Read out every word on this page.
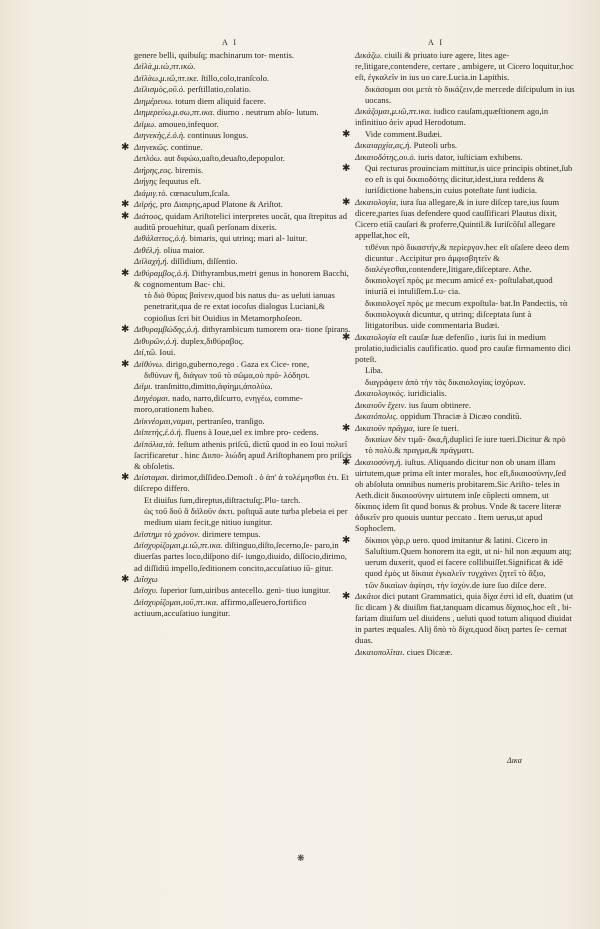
A I	A I
genere belli, quibuſq; machinarum tor- mentis.
Διϊλὰ,μ.ιὼ,πτ.ικὼ.
Διϊλὰω,μ.ιῶ,πτ.ικε. ſtillo,colo,tranſcolo.
Διϊλισμὸς,οῦ.ὁ. perſtillatio,colatio.
Διημέρευω. totum diem aliquid facere.
Διημερεύω,μ.σω,πτ.ικα. diurno . neutrum abſo- lutum.
Διϊμω. amoueo,infequor.
Διηνεκὴς,ἑ.ὁ.ἡ. continuus longus.
✱ Διηνεκῶς. continue.
Διπλόω. aut διφώω,uaſto,deuaſto,depopulor.
Διήρης,εος. biremis.
Διήγης ſequutus eſt.
Διάμιγ.τὸ. cœnaculum,ſcala.
✱ Διϊρής, pro Διαιρης,apud Platone & Ariſtot.
✱ Διάτοος, quidam Ariſtotelici interpretes uocāt, qua ſtrepitus ad auditū prouehitur, quaſi perſonam dixeris.
Διθάλαττος,ὁ.ἡ. bimaris, qui utrinq; mari al- luitur.
Διθέλ,ή. oliua maior.
Διϊλαχή,ή. diſſidium, diſſentio.
✱ Διθύραμβος,ὁ.ἡ. Dithyrambus,metri genus in honorem Bacchi, & cognomentum Bac- chi.
τὸ διὸ θύρας βαίνειν,quod bis natus du- as ueluti ianuas penetrarit,qua de re extat iocoſus dialogus Luciani,& copioſius ſcri bit Ouidius in Metamorphoſeon.
✱ Διθυραμβώδης,ὁ.ἡ. dithyrambicum tumorem ora- tione ſpirans.
Διθυρῶν,ὁ.ἡ. duplex,διθύραβος.
Διί,τῶ. Ioui.
✱ Διϊθύνω. dirigo,guberno,rego . Gaza ex Cice- rone,
διθύνων ἢ, διάγων τοῦ τὸ σῶμα,οὐ πρὸ- λόδησι.
Διϊμι. tranſmitto,dimitto,ἀφίημι,ἀπολύω.
Διηγέομαι. nado, narro,diſcurro, ενηγέω, comme- moro,orationem habeo.
Διϊκνέομαι,ναμαι, pertranſeo, tranſigo.
Διϊπετὴς,ἑ.ὁ.ἡ. fluens à Ioue,uel ex imbre pro- cedens.
Διϊπόλια,τὰ. feſtum athenis priſcū, dictū quod in eo Ioui πολιεῖ ſacrificaretur . hinc Διιπο- λιώδη apud Ariſtophanem pro priſcis & obſoletis.
✱ Διίσταμαι. dirimor,diſſideo.Demoſt . ὁ ἀπ' ἀ τολέμησθαι ἐτι. Et diſcrepo differo.
Et diuiſus ſum,direptus,diſtractuſq;.Plu- tarch.
ὡς τοῦ δοῦ ἃ διϊλοῦν ἀκτι. poſtquā aute turba plebeia ei per medium uiam fecit,ge nitiuo iungitur.
Διϊστημι τὸ χρόνον. dirimere tempus.
Διϊσχυρίζομαι,μ.ιῶ,πτ.ικα. diſtinguo,diſto,ſecerno,ſe- paro,in diuerſas partes loco,diſpono diſ- iungo,diuido, diſſocio,dirimo, ad diſſidiū impello,ſeditionem concito,accuſatiuo iū- gitur.
✱ Διΐσχω
Διϊσχυ. ſuperior ſum,uiribus antecello. geni- tiuo iungitur.
Διϊσχυρίζομαι,ιοῦ,πτ.ικα. affirmo,aſſeuero,fortifico actiuum,accuſatiuo iungitur.
Δικάζω. ciuili & priuato iure agere, lites age- re,litigare,contendere, certare , ambigere, ut Cicero loquitur,hoc eſt, ἐγκαλεῖν in ius uo care.Lucia.in Lapithis.
δικάσομαι σοι μετὰ τὸ δικάζειν,de mercede diſcipulum in ius uocans.
Δικάζομαι,μ.ιῶ,πτ.ικα. iudico cauſam,quæſtionem ago,in infinitiuo ἀεὶν apud Herodotum.
✱ Vide comment.Budæi.
Δικαιαρχία,ας,ἡ. Puteoli urbs.
Δικαιοδότης,ου.ὁ. iuris dator, iuſticiam exhibens.
✱ Qui recturus prouinciam mittitur,is uice principis obtinet,ſub eo eſt is qui δικαιοδότης dicitur,idest,iura reddens & iuriſdictione habens,in cuius poteſtate ſunt iudicia.
✱ Δικαιολογία, iura ſua allegare,& in iure diſcep tare,ius ſuum dicere,partes ſuas defendere quod cauſſificari Plautus dixit, Cicero etiā cauſari & proferre,Quintil.& Iuriſcōſul allegare appellat,hoc eſt,
τιθέναι πρὸ δικαστήν,& περίεργον.hec eſt oſaſere deeo dem dicuntur . Accipitur pro ἀμφισβητεῖν & διαλέγεσθαι,contendere,litigare,diſceptare. Athe.
δικαιολογεῖ πρὸς με mecum amicé ex- poſtulabat,quod iniuriā ei intuliſſem.Lu- cia.
δικαιολογεῖ πρὸς με mecum expoſtula- bat.In Pandectis, τὰ δικαιολογικὰ dicuntur, q utrinq; diſceptata ſunt à litigatoribus. uide commentaria Budæi.
✱ Δικαιολογία eſt cauſæ ſuæ defenſio , iuris ſui in medium prolatio,iudicialis cauſificatio. quod pro cauſæ firmamento dici poteſt.
Liba.
διαγράφειν ἀπὸ τὴν τὰς δικαιολογίας ἰσχύρων.
Δικαιολογικὸς. iuridicialis.
Δικαιοῦν ἔχειν. ius ſuum obtinere.
Δικαιόπολις. oppidum Thraciæ à Dicæo conditū.
✱ Δικαιοῦν πρᾶγμα, iure ſe tueri.
δικαίων δὲν τιμᾶ- ὅκα,ἢ,duplici ſe iure tueri.Dicitur & πρὸ τὸ πολὺ.& πραγμα,& πράγματι.
✱ Δικαιοσύνη,ἡ. iuſtus. Aliquando dicitur non ob unam illam uirtutem,quæ prima eſt inter morales, hoc eſt,δικαιοσύνην,ſed ob abſoluta omnibus numeris probitarem.Sic Ariſto- teles in Aeth.dicit δικαιοσύνην uirtutem inſe cōplecti omnem, ut δίκαιος idem ſit quod bonus & probus. Vnde & tacere literæ ἀδικεῖν pro quouis uuntur peccato . Item uerus,ut apud Sophoclem.
✱ δίκαιοι γὰρ,ρ uero. quod imitantur & latini. Cicero in Saluſtium.Quem honorem ita egit, ut ni- hil non æquum atq; uerum duxerit, quod ei facere collibuiſſet.Significat & idē quod ἐμὸς ut δίκαια ἐγκαλεῖν τυγχάνει ζητεῖ τὸ ἄξιο,
τῶν δικαίων ἀφίησι, τὴν ἰσχύν.de iure ſuo diſce dere.
✱ Δικᾶιοι dici putant Grammatici, quia δίχα ἐστὶ id eſt, duatim (ut ſic dicam ) & diuiſim fiat,tanquam dicamus δίχαιος,hoc eſt , bi- fariam diuiſum uel diuidens , ueluti quod totum aliquod diuidat in partes æquales. Alij ὅπὸ τὸ δίχα,quod δίκη partes ſe- cernat duas.
Δικαιοπολῖται. ciues Dicææ.
Δικα
❋
